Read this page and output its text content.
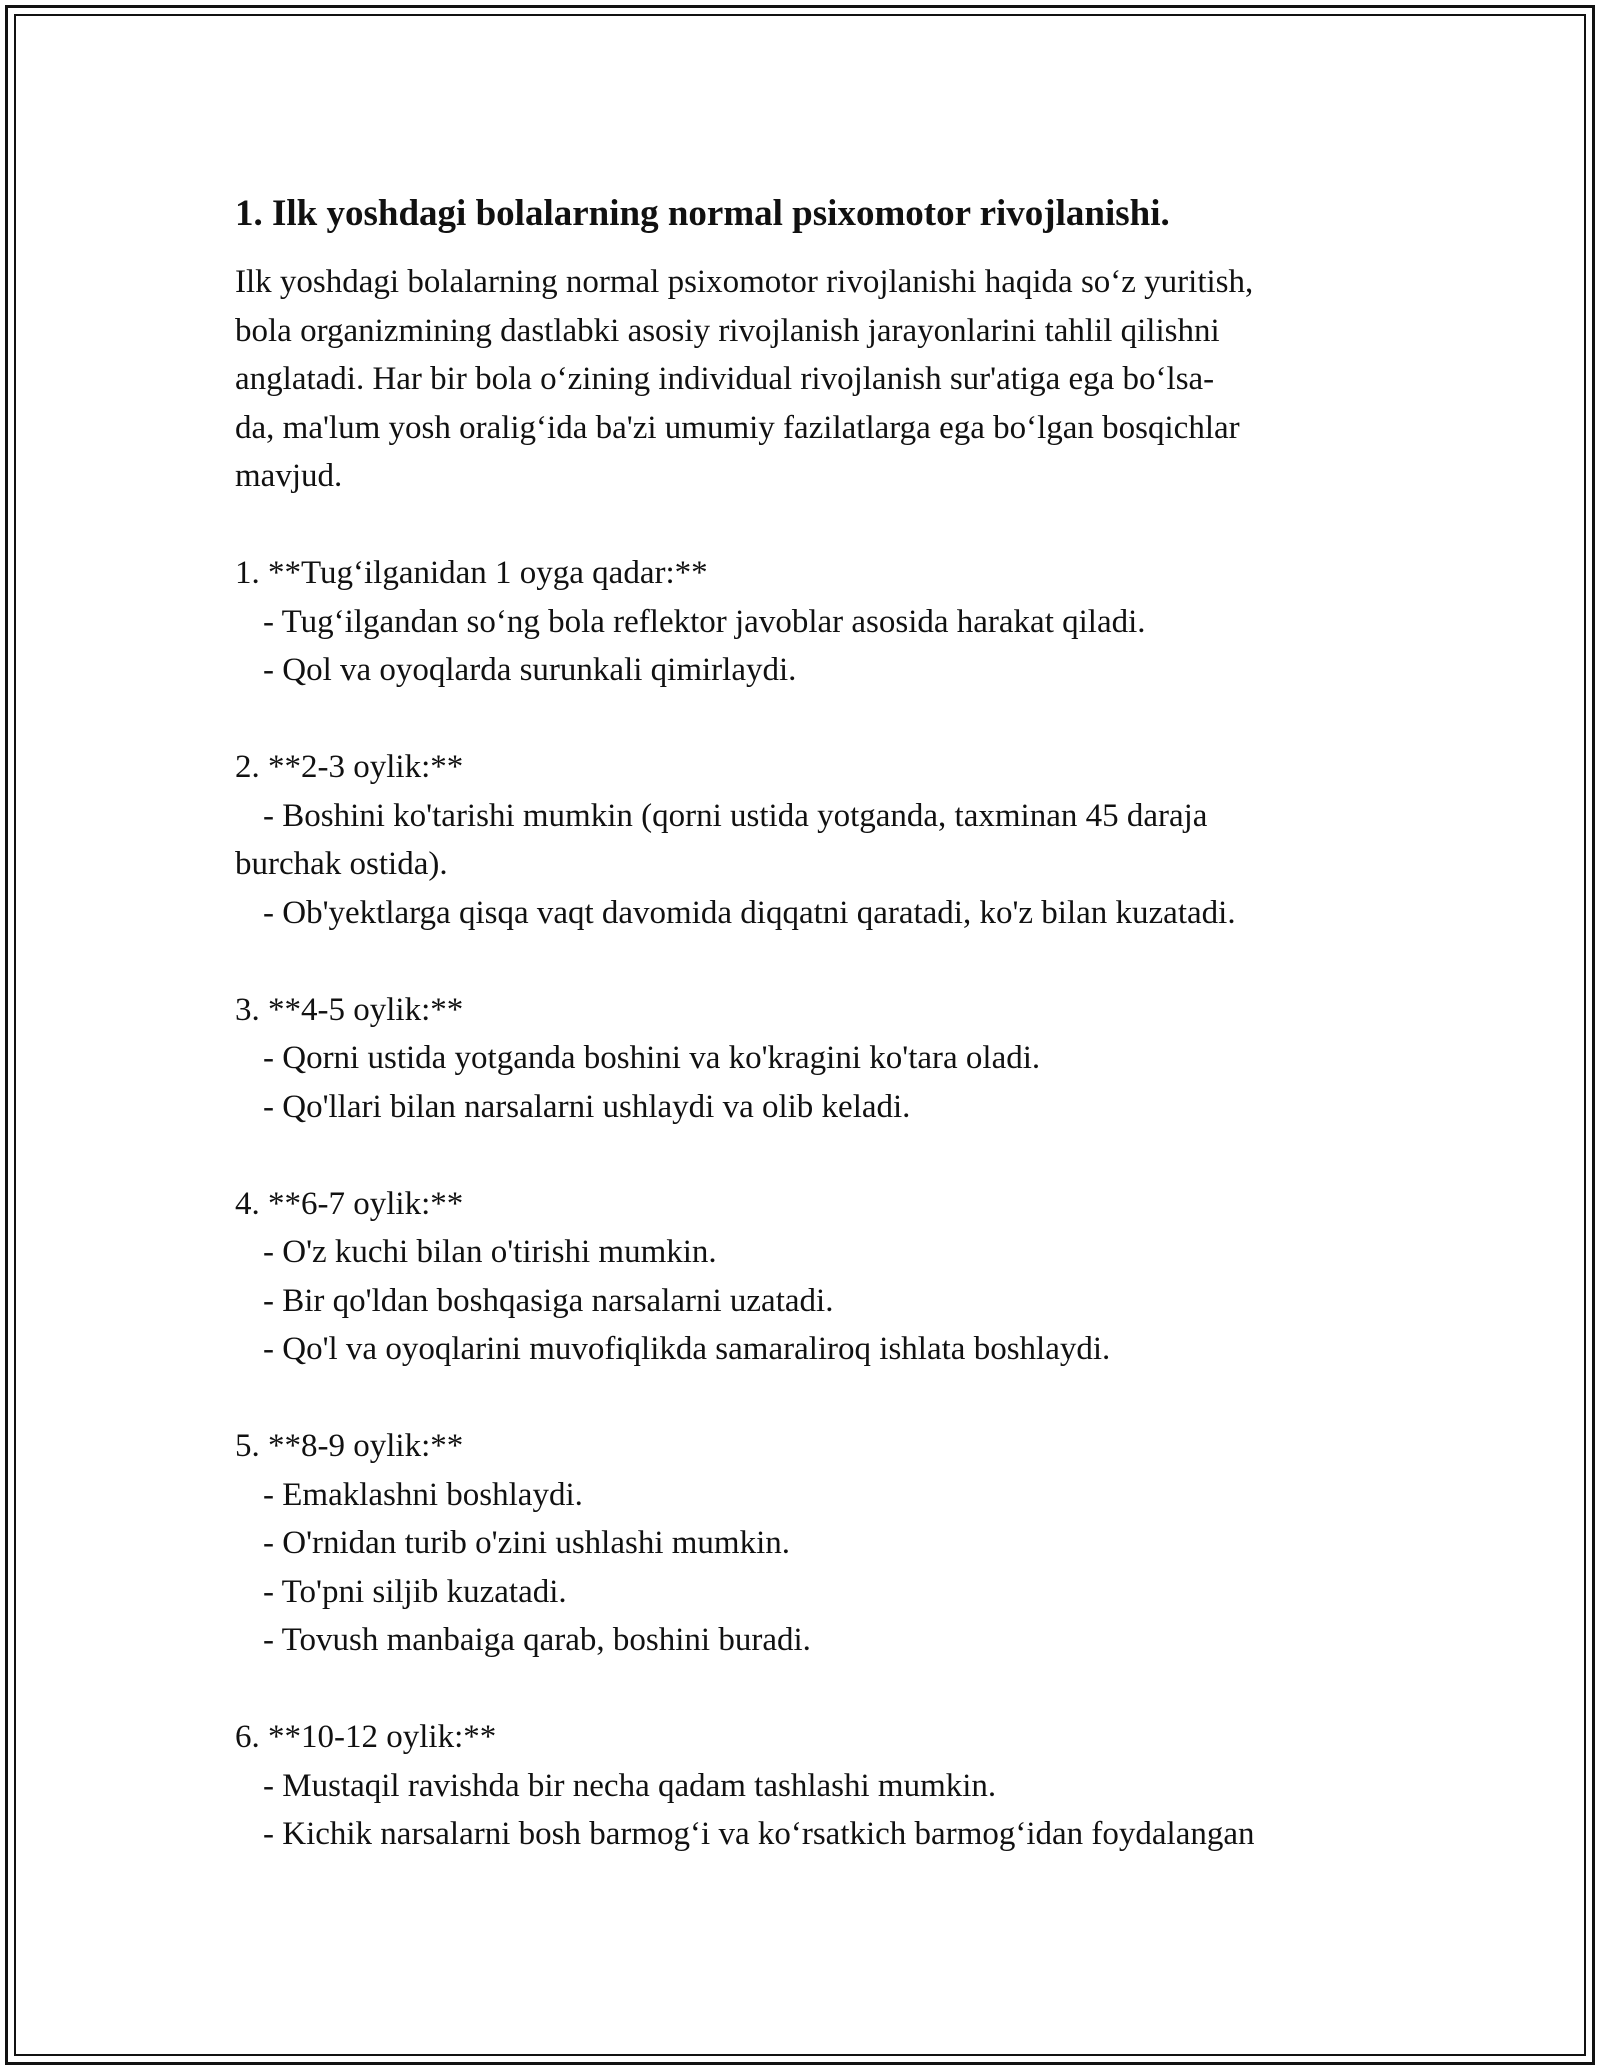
1. Ilk yoshdagi bolalarning normal psixomotor rivojlanishi.
Ilk yoshdagi bolalarning normal psixomotor rivojlanishi haqida so‘z yuritish,
bola organizmining dastlabki asosiy rivojlanish jarayonlarini tahlil qilishni
anglatadi. Har bir bola o‘zining individual rivojlanish sur'atiga ega bo‘lsa-
da, ma'lum yosh oralig‘ida ba'zi umumiy fazilatlarga ega bo‘lgan bosqichlar
mavjud.
1. **Tug‘ilganidan 1 oyga qadar:**
- Tug‘ilgandan so‘ng bola reflektor javoblar asosida harakat qiladi.
- Qol va oyoqlarda surunkali qimirlaydi.
2. **2-3 oylik:**
- Boshini ko'tarishi mumkin (qorni ustida yotganda, taxminan 45 daraja
burchak ostida).
- Ob'yektlarga qisqa vaqt davomida diqqatni qaratadi, ko'z bilan kuzatadi.
3. **4-5 oylik:**
- Qorni ustida yotganda boshini va ko'kragini ko'tara oladi.
- Qo'llari bilan narsalarni ushlaydi va olib keladi.
4. **6-7 oylik:**
- O'z kuchi bilan o'tirishi mumkin.
- Bir qo'ldan boshqasiga narsalarni uzatadi.
- Qo'l va oyoqlarini muvofiqlikda samaraliroq ishlata boshlaydi.
5. **8-9 oylik:**
- Emaklashni boshlaydi.
- O'rnidan turib o'zini ushlashi mumkin.
- To'pni siljib kuzatadi.
- Tovush manbaiga qarab, boshini buradi.
6. **10-12 oylik:**
- Mustaqil ravishda bir necha qadam tashlashi mumkin.
- Kichik narsalarni bosh barmog‘i va ko‘rsatkich barmog‘idan foydalangan
